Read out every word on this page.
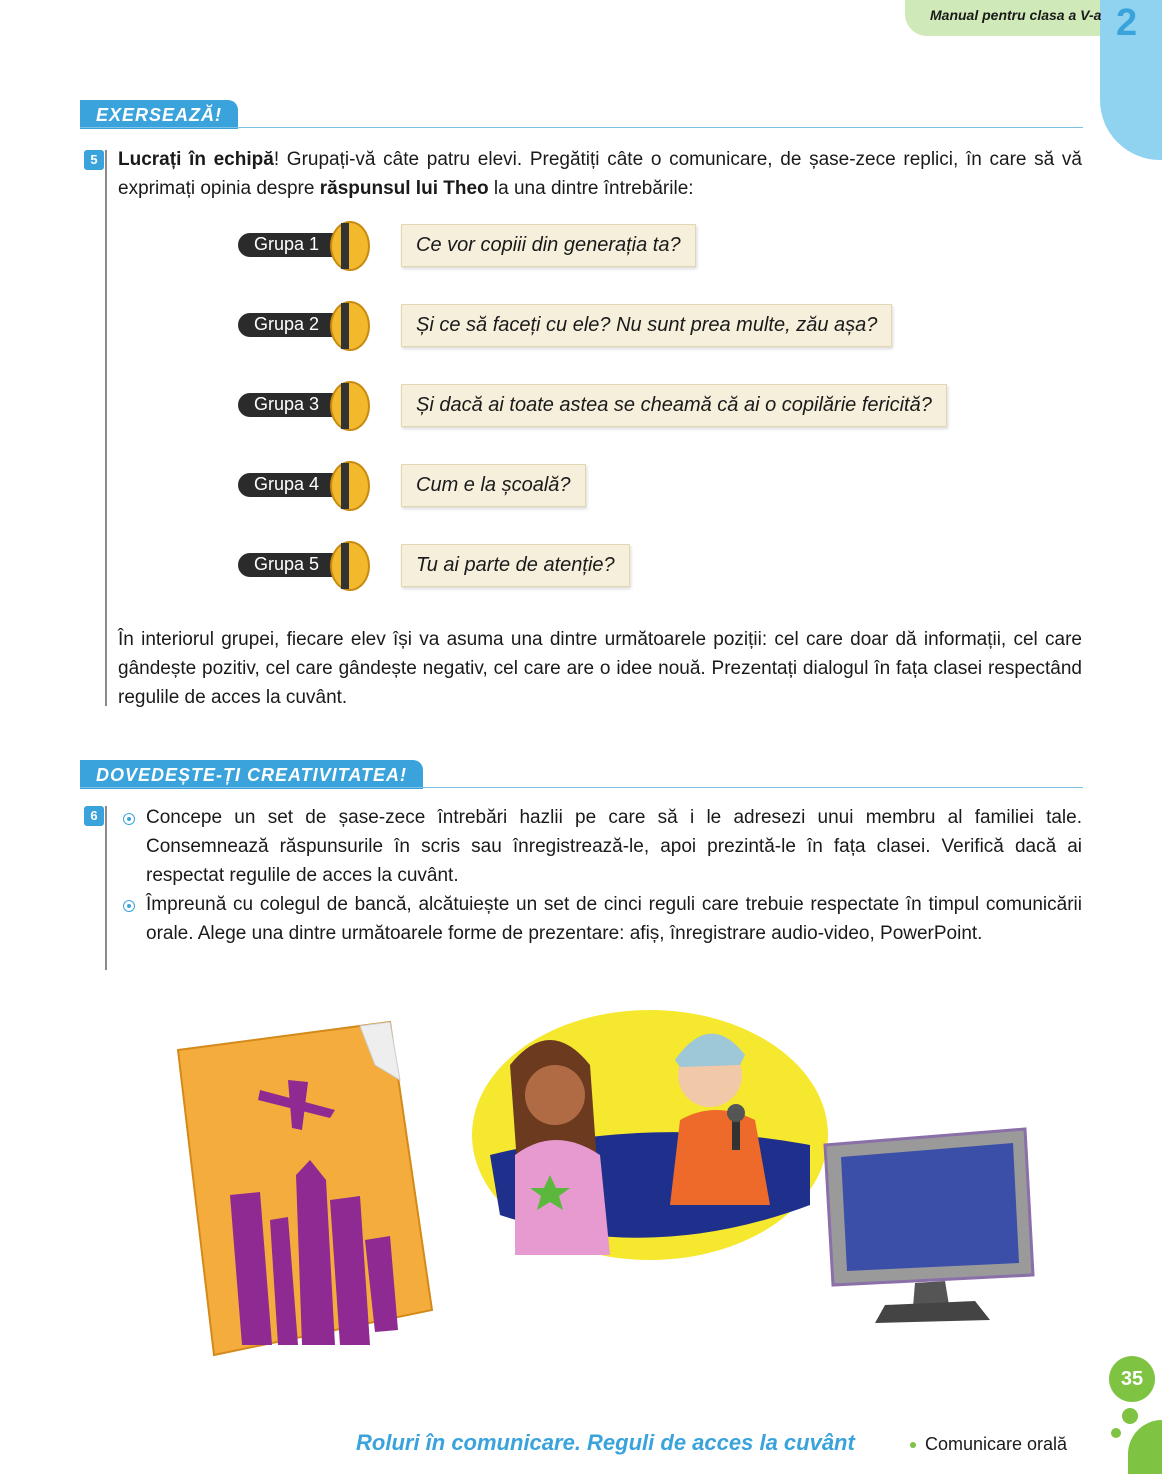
Manual pentru clasa a V-a 2
EXERSEAZĂ!
5	Lucrați în echipă! Grupați-vă câte patru elevi. Pregătiți câte o comunicare, de șase-zece replici, în care să vă exprimați opinia despre răspunsul lui Theo la una dintre întrebările:
Grupa 1	Ce vor copiii din generația ta?
Grupa 2	Și ce să faceți cu ele? Nu sunt prea multe, zău așa?
Grupa 3	Și dacă ai toate astea se cheamă că ai o copilărie fericită?
Grupa 4	Cum e la școală?
Grupa 5	Tu ai parte de atenție?
În interiorul grupei, fiecare elev își va asuma una dintre următoarele poziții: cel care doar dă informații, cel care gândește pozitiv, cel care gândește negativ, cel care are o idee nouă. Prezentați dialogul în fața clasei respectând regulile de acces la cuvânt.
DOVEDEȘTE-ȚI CREATIVITATEA!
6	Concepe un set de șase-zece întrebări hazlii pe care să i le adresezi unui membru al familiei tale. Consemnează răspunsurile în scris sau înregistrează-le, apoi prezintă-le în fața clasei. Verifică dacă ai respectat regulile de acces la cuvânt.
Împreună cu colegul de bancă, alcătuiește un set de cinci reguli care trebuie respectate în timpul comunicării orale. Alege una dintre următoarele forme de prezentare: afiș, înregistrare audio-video, PowerPoint.
35
Roluri în comunicare. Reguli de acces la cuvânt	Comunicare orală
